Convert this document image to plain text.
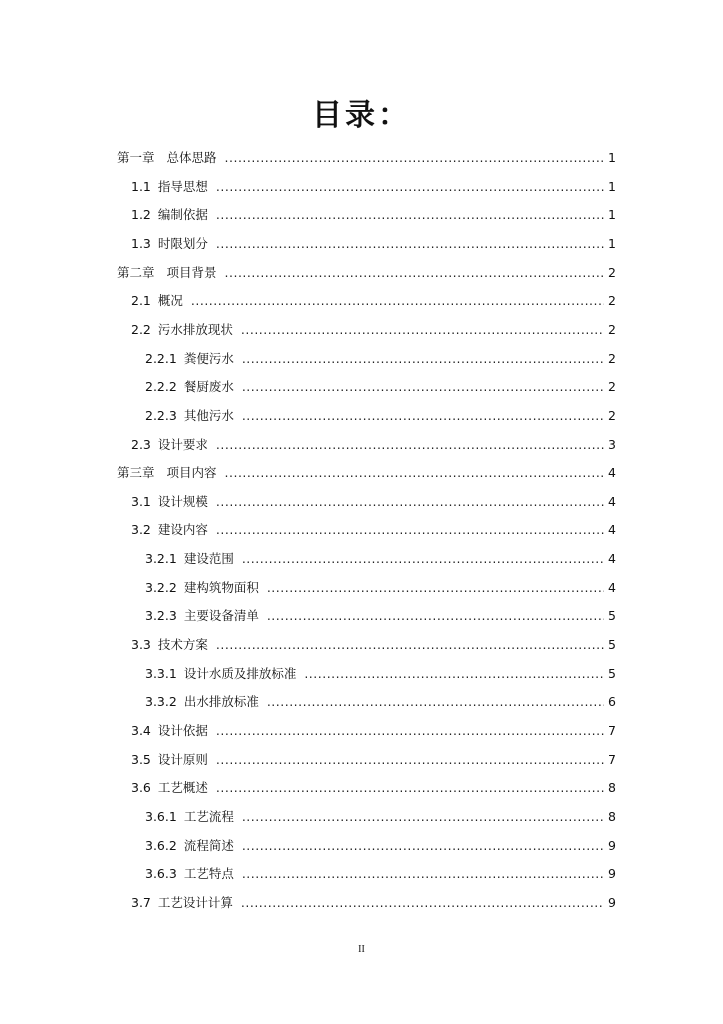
目录：
第一章 总体思路 .....	1
1.1 指导思想 .....	1
1.2 编制依据 .....	1
1.3 时限划分 .....	1
第二章 项目背景 .....	2
2.1 概况 .....	2
2.2 污水排放现状 .....	2
2.2.1 粪便污水 .....	2
2.2.2 餐厨废水 .....	2
2.2.3 其他污水 .....	2
2.3 设计要求 .....	3
第三章 项目内容 .....	4
3.1 设计规模 .....	4
3.2 建设内容 .....	4
3.2.1 建设范围 .....	4
3.2.2 建构筑物面积 .....	4
3.2.3 主要设备清单 .....	5
3.3 技术方案 .....	5
3.3.1 设计水质及排放标准 .....	5
3.3.2 出水排放标准 .....	6
3.4 设计依据 .....	7
3.5 设计原则 .....	7
3.6 工艺概述 .....	8
3.6.1 工艺流程 .....	8
3.6.2 流程简述 .....	9
3.6.3 工艺特点 .....	9
3.7 工艺设计计算 .....	9
II
